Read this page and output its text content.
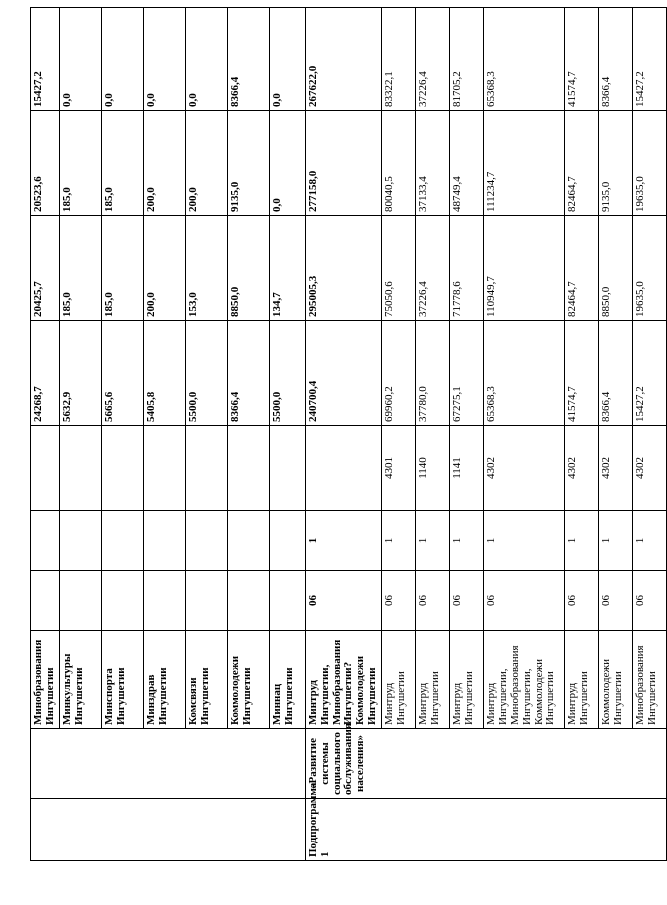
		Минобразования Ингушетии				24268,7	20425,7	20523,6	15427,2
		Минкультуры Ингушетии				5632,9	185,0	185,0	0,0
		Минспорта Ингушетии				5665,6	185,0	185,0	0,0
		Минздрав Ингушетии				5405,8	200,0	200,0	0,0
		Комсвязи Ингушетии				5500,0	153,0	200,0	0,0
		Коммолодежи Ингушетии				8366,4	8850,0	9135,0	8366,4
		Миннац Ингушетии				5500,0	134,7	0,0	0,0
Подпрограмма 1	«Развитие системы социального обслуживания населения»	Минтруд Ингушетии, Минобразования Ингушетии? Коммолодежи Ингушетии	06	1		240700,4	295005,3	277158,0	267622,0
		Минтруд Ингушетии	06	1	4301	69960,2	75050,6	80040,5	83322,1
		Минтруд Ингушетии	06	1	1140	37780,0	37226,4	37133,4	37226,4
		Минтруд Ингушетии	06	1	1141	67275,1	71778,6	48749,4	81705,2
		Минтруд Ингушетии, Минобразования Ингушетии, Коммолодежи Ингушетии	06	1	4302	65368,3	110949,7	111234,7	65368,3
		Минтруд Ингушетии	06	1	4302	41574,7	82464,7	82464,7	41574,7
		Коммолодежи Ингушетии	06	1	4302	8366,4	8850,0	9135,0	8366,4
		Минобразования Ингушетии	06	1	4302	15427,2	19635,0	19635,0	15427,2
